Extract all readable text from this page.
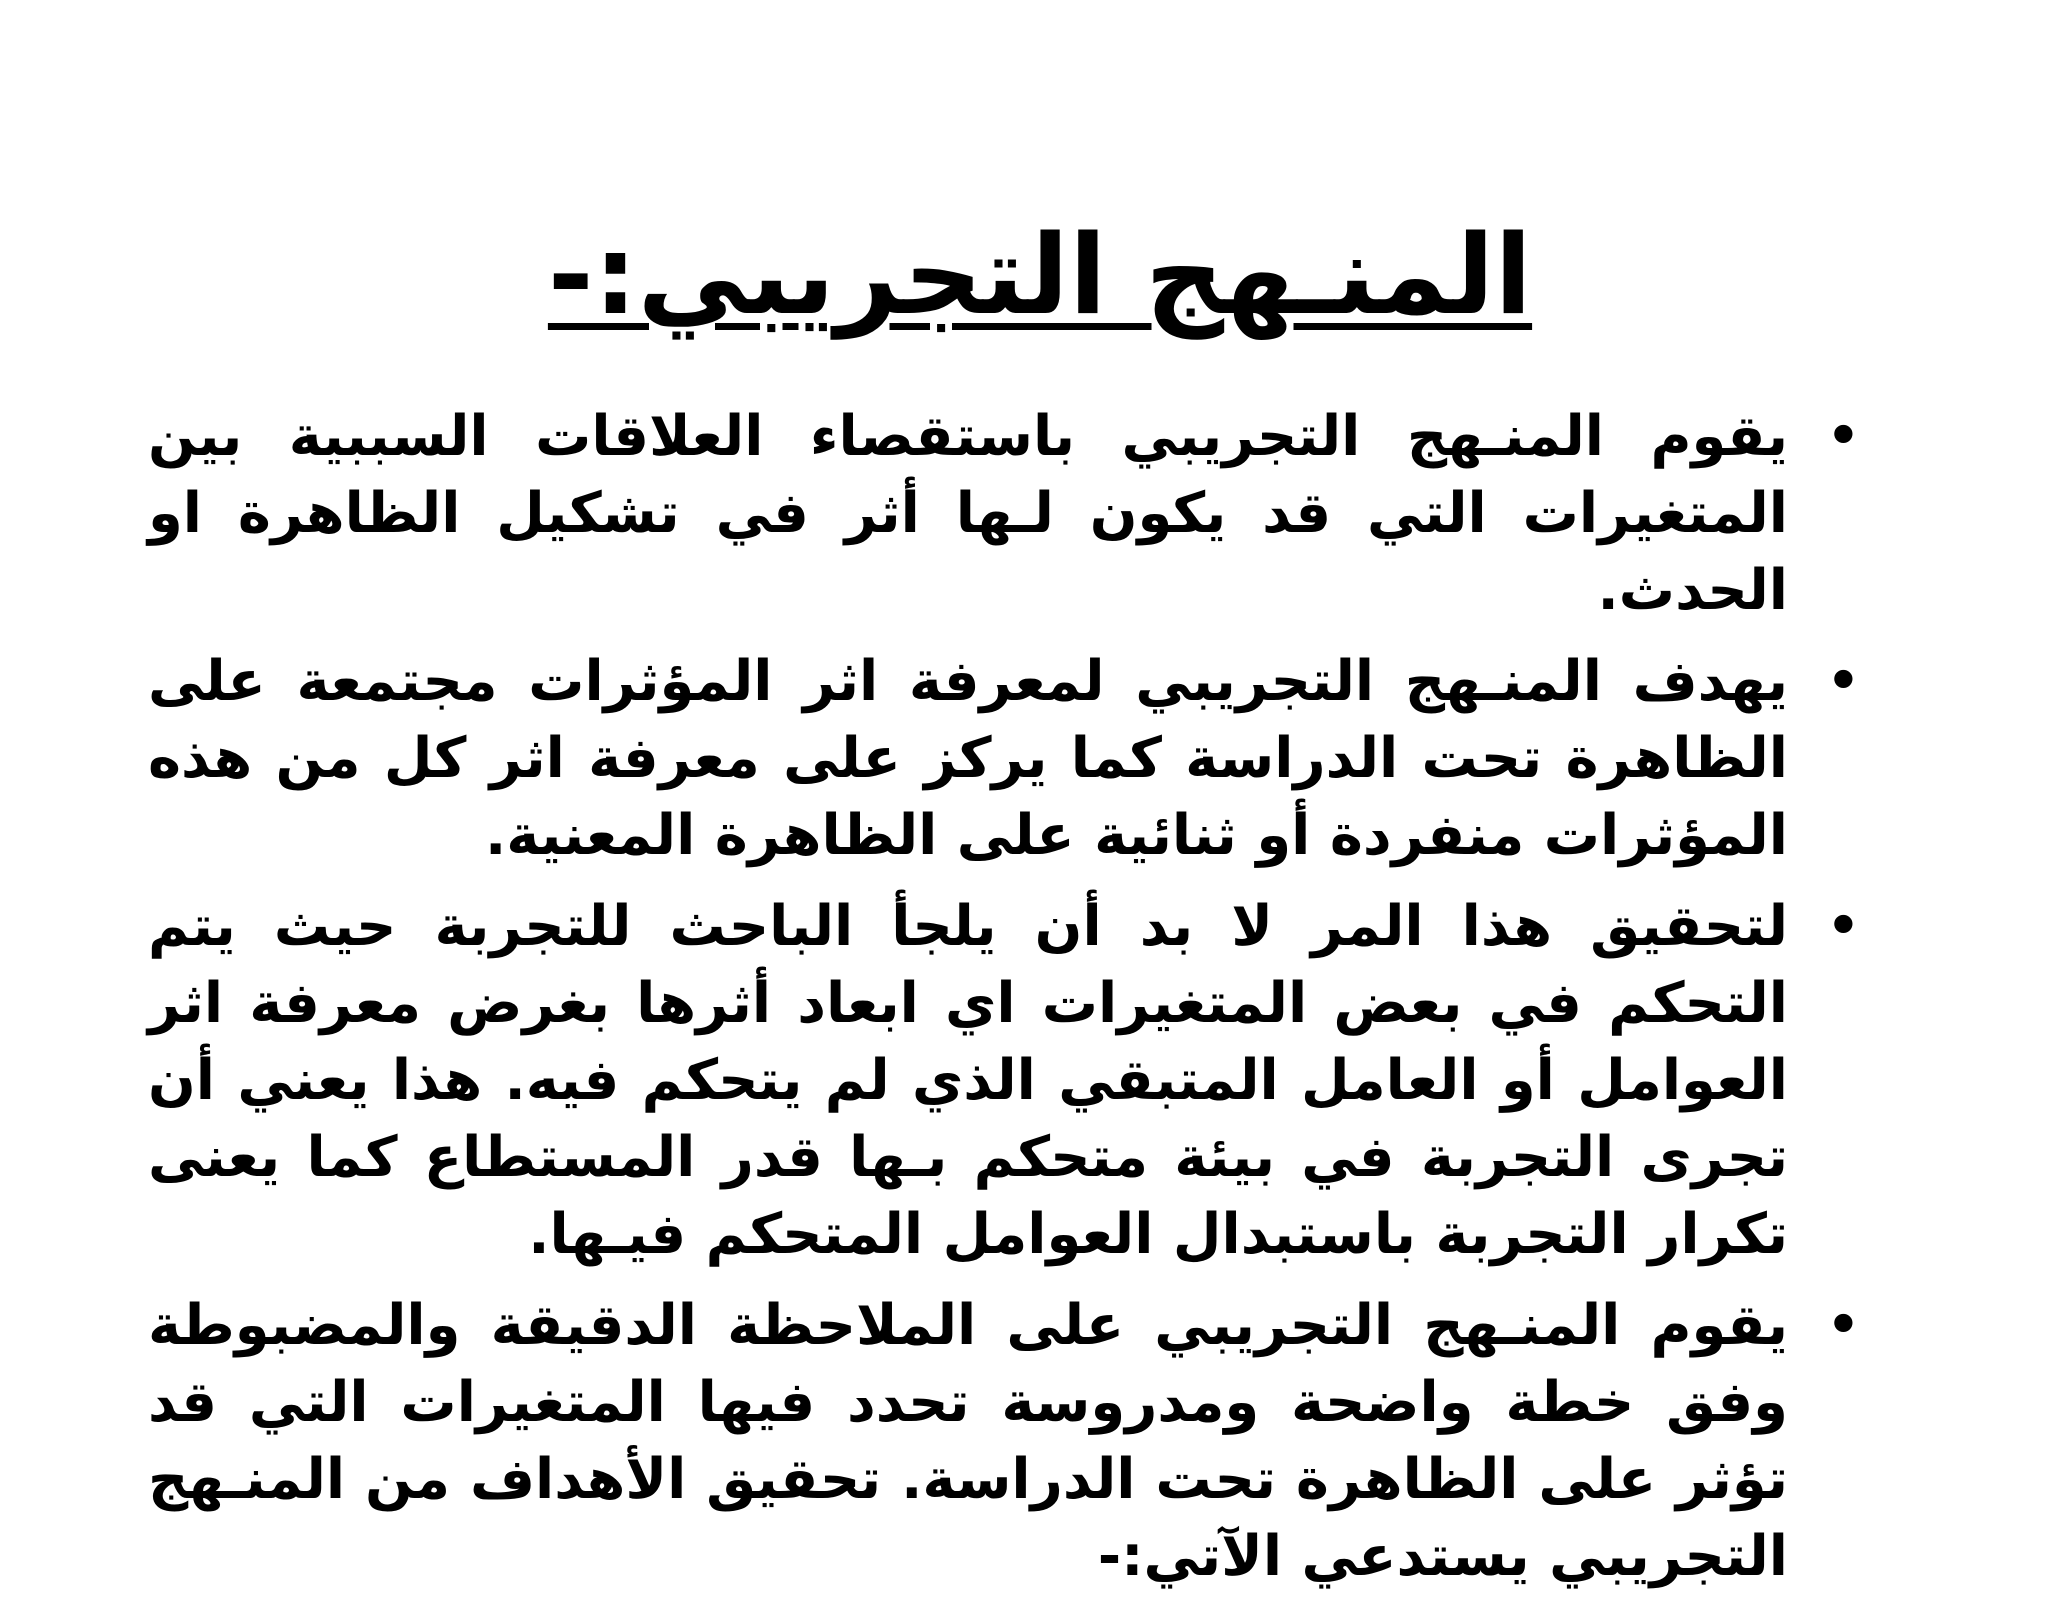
المنـهج التجريبي:-
•
يقوم المنـهج التجريبي باستقصاء العلاقات السببية بين المتغيرات التي قد يكون لـها أثر في تشكيل الظاهرة او الحدث.
•
يهدف المنـهج التجريبي لمعرفة اثر المؤثرات مجتمعة على الظاهرة تحت الدراسة كما يركز على معرفة اثر كل من هذه المؤثرات منفردة أو ثنائية على الظاهرة المعنية.
•
لتحقيق هذا المر لا بد أن يلجأ الباحث للتجربة حيث يتم التحكم في بعض المتغيرات اي ابعاد أثرها بغرض معرفة اثر العوامل أو العامل المتبقي الذي لم يتحكم فيه. هذا يعني أن تجرى التجربة في بيئة متحكم بـها قدر المستطاع كما يعنى تكرار التجربة باستبدال العوامل المتحكم فيـها.
•
يقوم المنـهج التجريبي على الملاحظة الدقيقة والمضبوطة وفق خطة واضحة ومدروسة تحدد فيها المتغيرات التي قد تؤثر على الظاهرة تحت الدراسة. تحقيق الأهداف من المنـهج التجريبي يستدعي الآتي:-
